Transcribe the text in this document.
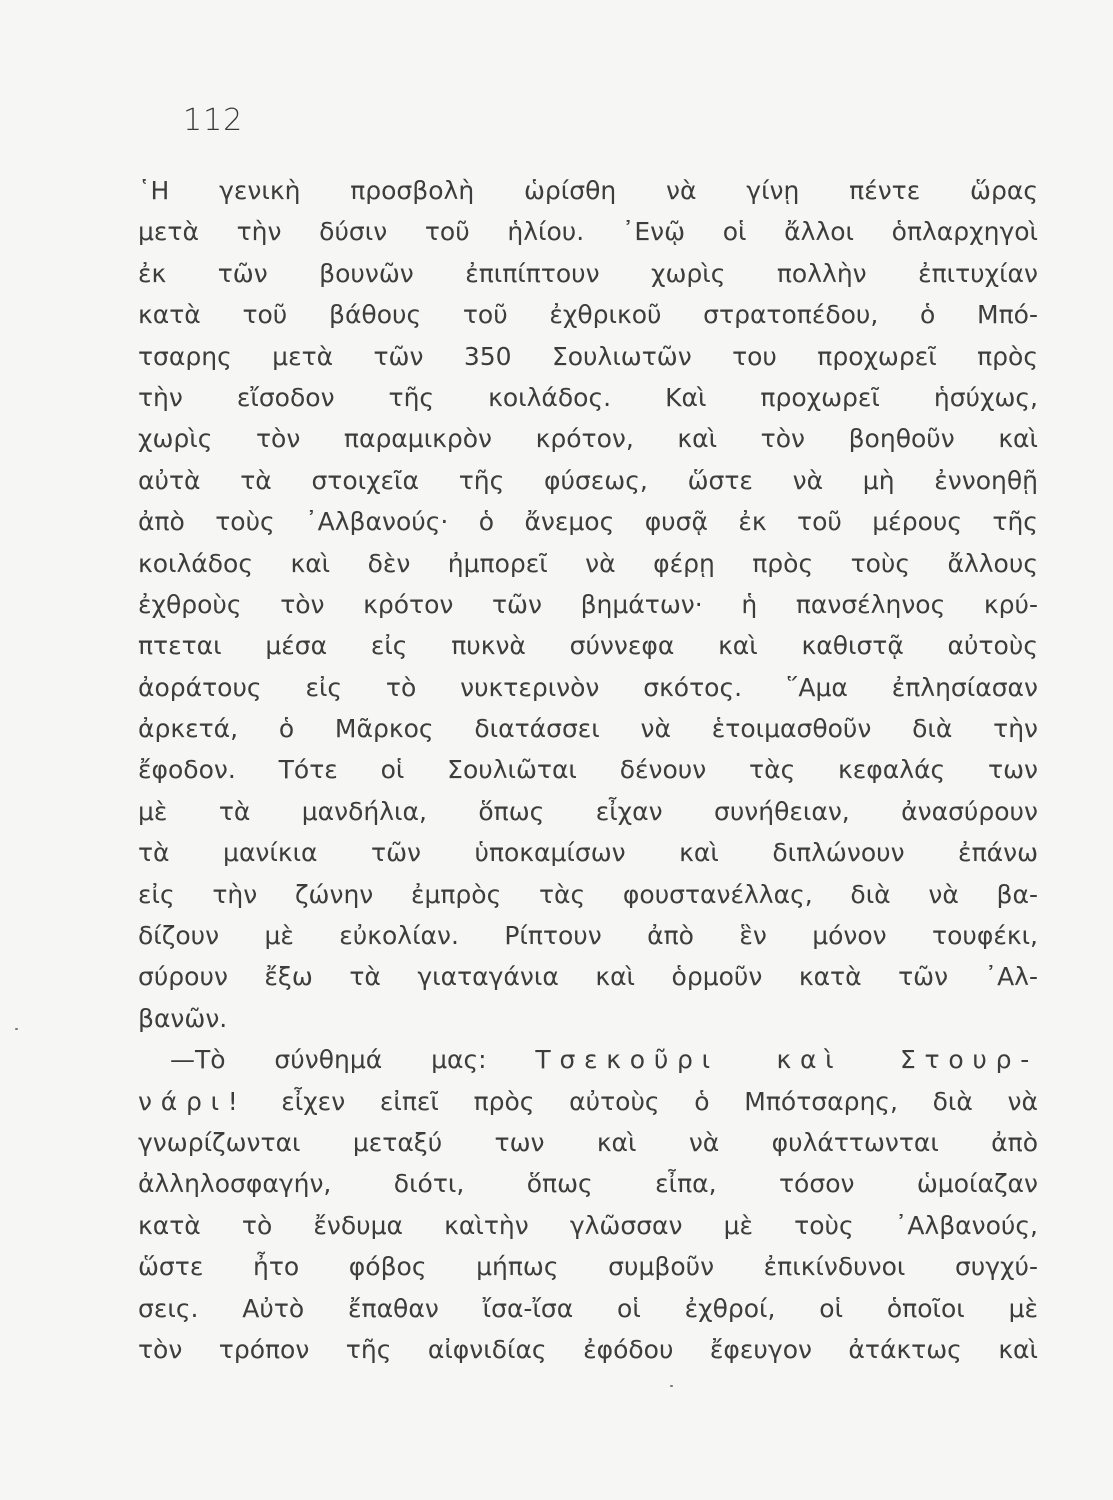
112
῾Η γενικὴ προσβολὴ ὡρίσθη νὰ γίνῃ πέντε ὥρας
μετὰ τὴν δύσιν τοῦ ἡλίου. ᾿Ενῷ οἱ ἄλλοι ὁπλαρχηγοὶ
ἐκ τῶν βουνῶν ἐπιπίπτουν χωρὶς πολλὴν ἐπιτυχίαν
κατὰ τοῦ βάθους τοῦ ἐχθρικοῦ στρατοπέδου, ὁ Μπό-
τσαρης μετὰ τῶν 350 Σουλιωτῶν του προχωρεῖ πρὸς
τὴν εἴσοδον τῆς κοιλάδος. Καὶ προχωρεῖ ἡσύχως,
χωρὶς τὸν παραμικρὸν κρότον, καὶ τὸν βοηθοῦν καὶ
αὐτὰ τὰ στοιχεῖα τῆς φύσεως, ὥστε νὰ μὴ ἐννοηθῇ
ἀπὸ τοὺς ᾿Αλβανούς· ὁ ἄνεμος φυσᾷ ἐκ τοῦ μέρους τῆς
κοιλάδος καὶ δὲν ἠμπορεῖ νὰ φέρῃ πρὸς τοὺς ἄλλους
ἐχθροὺς τὸν κρότον τῶν βημάτων· ἡ πανσέληνος κρύ-
πτεται μέσα εἰς πυκνὰ σύννεφα καὶ καθιστᾷ αὐτοὺς
ἀοράτους εἰς τὸ νυκτερινὸν σκότος. ῞Αμα ἐπλησίασαν
ἀρκετά, ὁ Μᾶρκος διατάσσει νὰ ἑτοιμασθοῦν διὰ τὴν
ἔφοδον. Τότε οἱ Σουλιῶται δένουν τὰς κεφαλάς των
μὲ τὰ μανδήλια, ὅπως εἶχαν συνήθειαν, ἀνασύρουν
τὰ μανίκια τῶν ὑποκαμίσων καὶ διπλώνουν ἐπάνω
εἰς τὴν ζώνην ἐμπρὸς τὰς φουστανέλλας, διὰ νὰ βα-
δίζουν μὲ εὐκολίαν. Ρίπτουν ἀπὸ ἓν μόνον τουφέκι,
σύρουν ἔξω τὰ γιαταγάνια καὶ ὁρμοῦν κατὰ τῶν ᾿Αλ-
βανῶν.
—Τὸ σύνθημά μας: Τσεκοῦρι καὶ Στουρ-
νάρι! εἶχεν εἰπεῖ πρὸς αὐτοὺς ὁ Μπότσαρης, διὰ νὰ
γνωρίζωνται μεταξύ των καὶ νὰ φυλάττωνται ἀπὸ
ἀλληλοσφαγήν, διότι, ὅπως εἶπα, τόσον ὡμοίαζαν
κατὰ τὸ ἔνδυμα καὶτὴν γλῶσσαν μὲ τοὺς ᾿Αλβανούς,
ὥστε ἦτο φόβος μήπως συμβοῦν ἐπικίνδυνοι συγχύ-
σεις. Αὐτὸ ἔπαθαν ἴσα-ἴσα οἱ ἐχθροί, οἱ ὁποῖοι μὲ
τὸν τρόπον τῆς αἰφνιδίας ἐφόδου ἔφευγον ἀτάκτως καὶ
